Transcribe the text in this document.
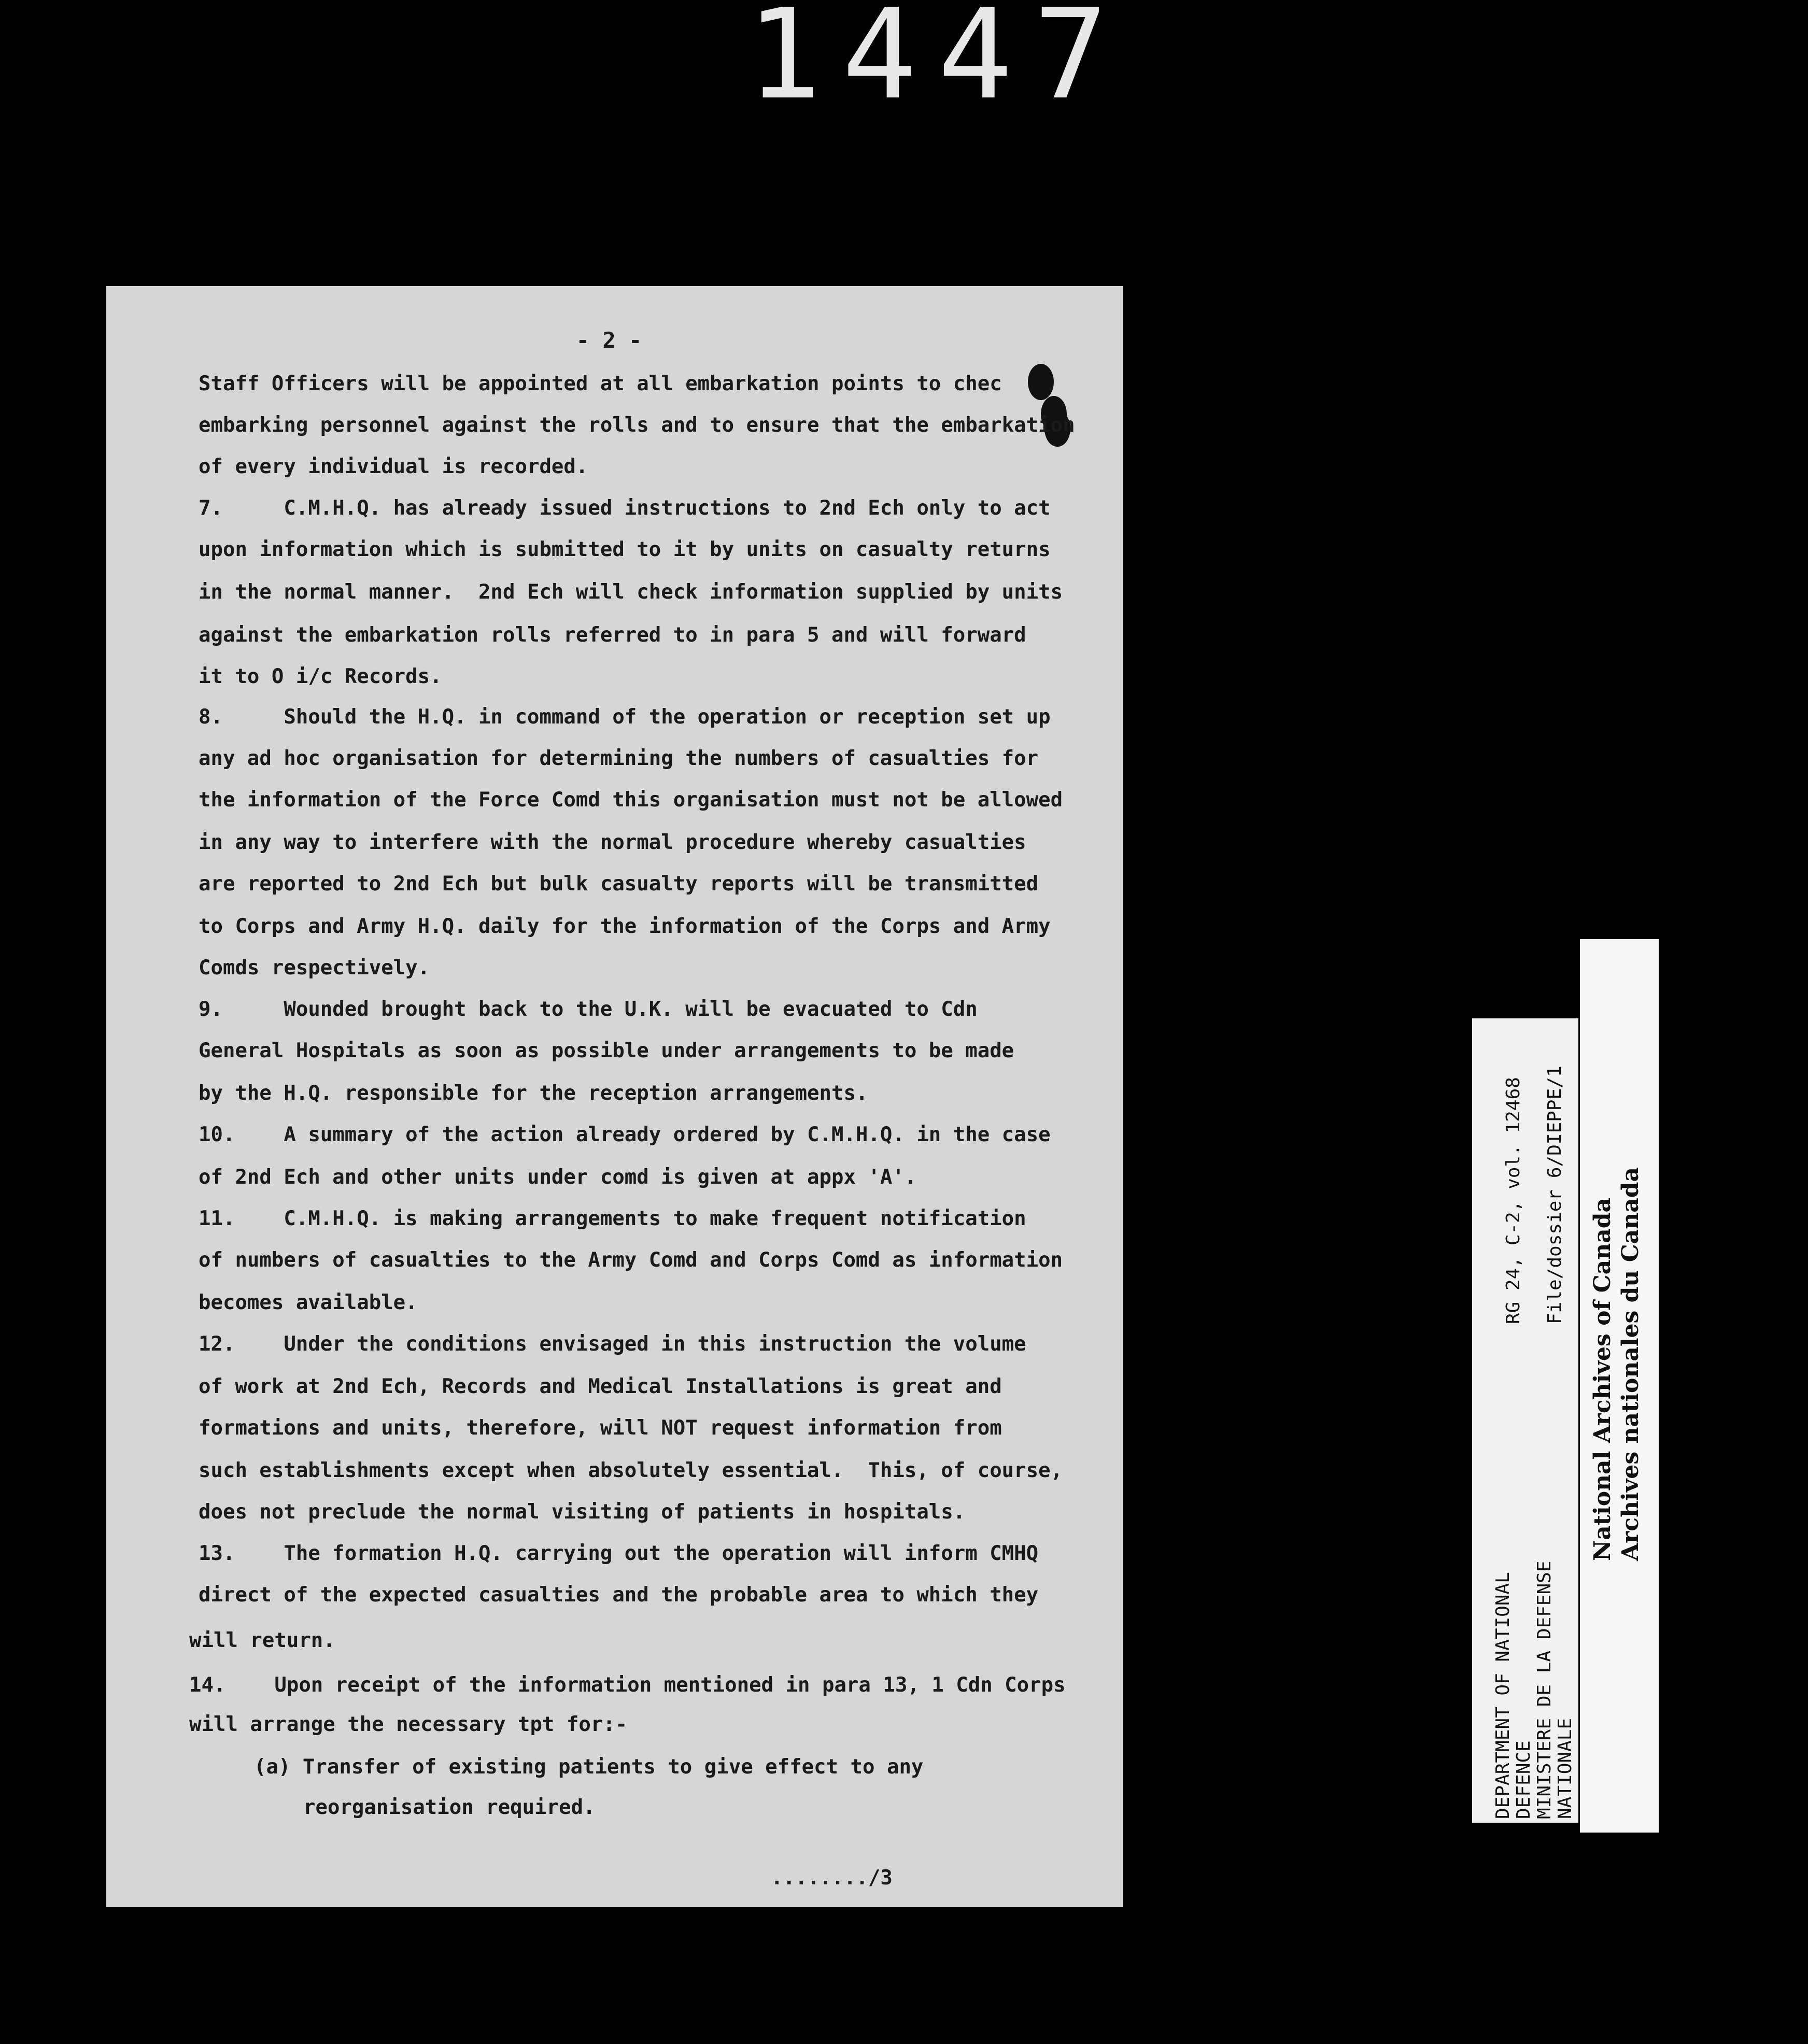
1447
- 2 -
Staff Officers will be appointed at all embarkation points to chec
embarking personnel against the rolls and to ensure that the embarkation
of every individual is recorded.
7.     C.M.H.Q. has already issued instructions to 2nd Ech only to act
upon information which is submitted to it by units on casualty returns
in the normal manner.  2nd Ech will check information supplied by units
against the embarkation rolls referred to in para 5 and will forward
it to O i/c Records.
8.     Should the H.Q. in command of the operation or reception set up
any ad hoc organisation for determining the numbers of casualties for
the information of the Force Comd this organisation must not be allowed
in any way to interfere with the normal procedure whereby casualties
are reported to 2nd Ech but bulk casualty reports will be transmitted
to Corps and Army H.Q. daily for the information of the Corps and Army
Comds respectively.
9.     Wounded brought back to the U.K. will be evacuated to Cdn
General Hospitals as soon as possible under arrangements to be made
by the H.Q. responsible for the reception arrangements.
10.    A summary of the action already ordered by C.M.H.Q. in the case
of 2nd Ech and other units under comd is given at appx 'A'.
11.    C.M.H.Q. is making arrangements to make frequent notification
of numbers of casualties to the Army Comd and Corps Comd as information
becomes available.
12.    Under the conditions envisaged in this instruction the volume
of work at 2nd Ech, Records and Medical Installations is great and
formations and units, therefore, will NOT request information from
such establishments except when absolutely essential.  This, of course,
does not preclude the normal visiting of patients in hospitals.
13.    The formation H.Q. carrying out the operation will inform CMHQ
direct of the expected casualties and the probable area to which they
will return.
14.    Upon receipt of the information mentioned in para 13, 1 Cdn Corps
will arrange the necessary tpt for:-
(a) Transfer of existing patients to give effect to any
reorganisation required.
......../3
DEPARTMENT OF NATIONAL DEFENCE MINISTERE DE LA DEFENSE NATIONALE
RG 24, C-2, vol. 12468 File/dossier 6/DIEPPE/1
National Archives of Canada Archives nationales du Canada
